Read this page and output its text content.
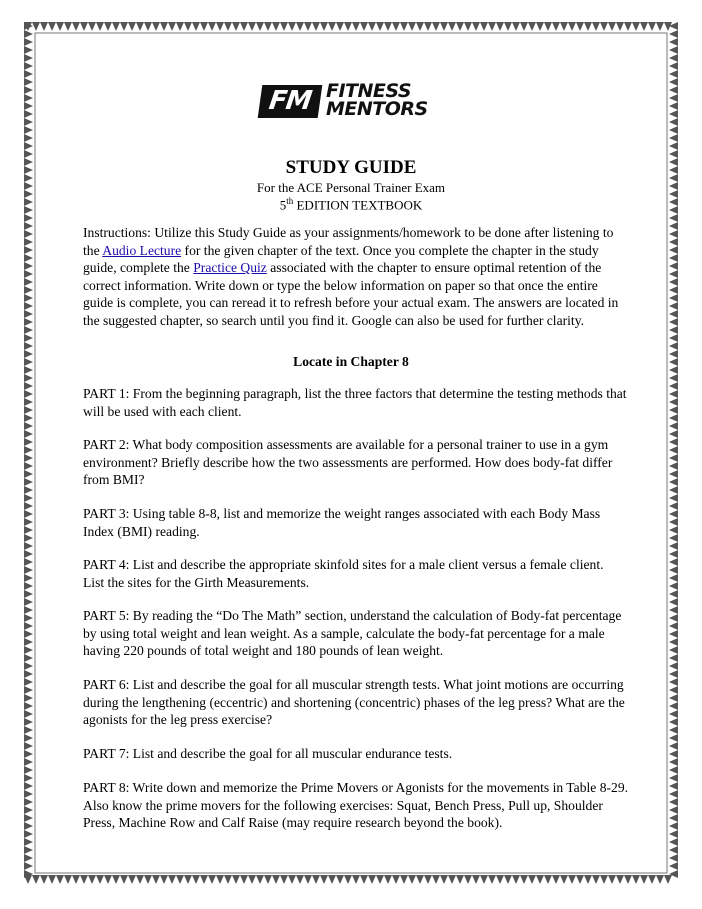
FM FITNESS
MENTORS
STUDY GUIDE
For the ACE Personal Trainer Exam
5th EDITION TEXTBOOK
Instructions: Utilize this Study Guide as your assignments/homework to be done after listening to the Audio Lecture for the given chapter of the text. Once you complete the chapter in the study guide, complete the Practice Quiz associated with the chapter to ensure optimal retention of the correct information. Write down or type the below information on paper so that once the entire guide is complete, you can reread it to refresh before your actual exam. The answers are located in the suggested chapter, so search until you find it. Google can also be used for further clarity.
Locate in Chapter 8
PART 1: From the beginning paragraph, list the three factors that determine the testing methods that will be used with each client.
PART 2: What body composition assessments are available for a personal trainer to use in a gym environment? Briefly describe how the two assessments are performed. How does body-fat differ from BMI?
PART 3: Using table 8-8, list and memorize the weight ranges associated with each Body Mass Index (BMI) reading.
PART 4: List and describe the appropriate skinfold sites for a male client versus a female client. List the sites for the Girth Measurements.
PART 5: By reading the “Do The Math” section, understand the calculation of Body-fat percentage by using total weight and lean weight. As a sample, calculate the body-fat percentage for a male having 220 pounds of total weight and 180 pounds of lean weight.
PART 6: List and describe the goal for all muscular strength tests. What joint motions are occurring during the lengthening (eccentric) and shortening (concentric) phases of the leg press? What are the agonists for the leg press exercise?
PART 7: List and describe the goal for all muscular endurance tests.
PART 8: Write down and memorize the Prime Movers or Agonists for the movements in Table 8-29. Also know the prime movers for the following exercises: Squat, Bench Press, Pull up, Shoulder Press, Machine Row and Calf Raise (may require research beyond the book).
